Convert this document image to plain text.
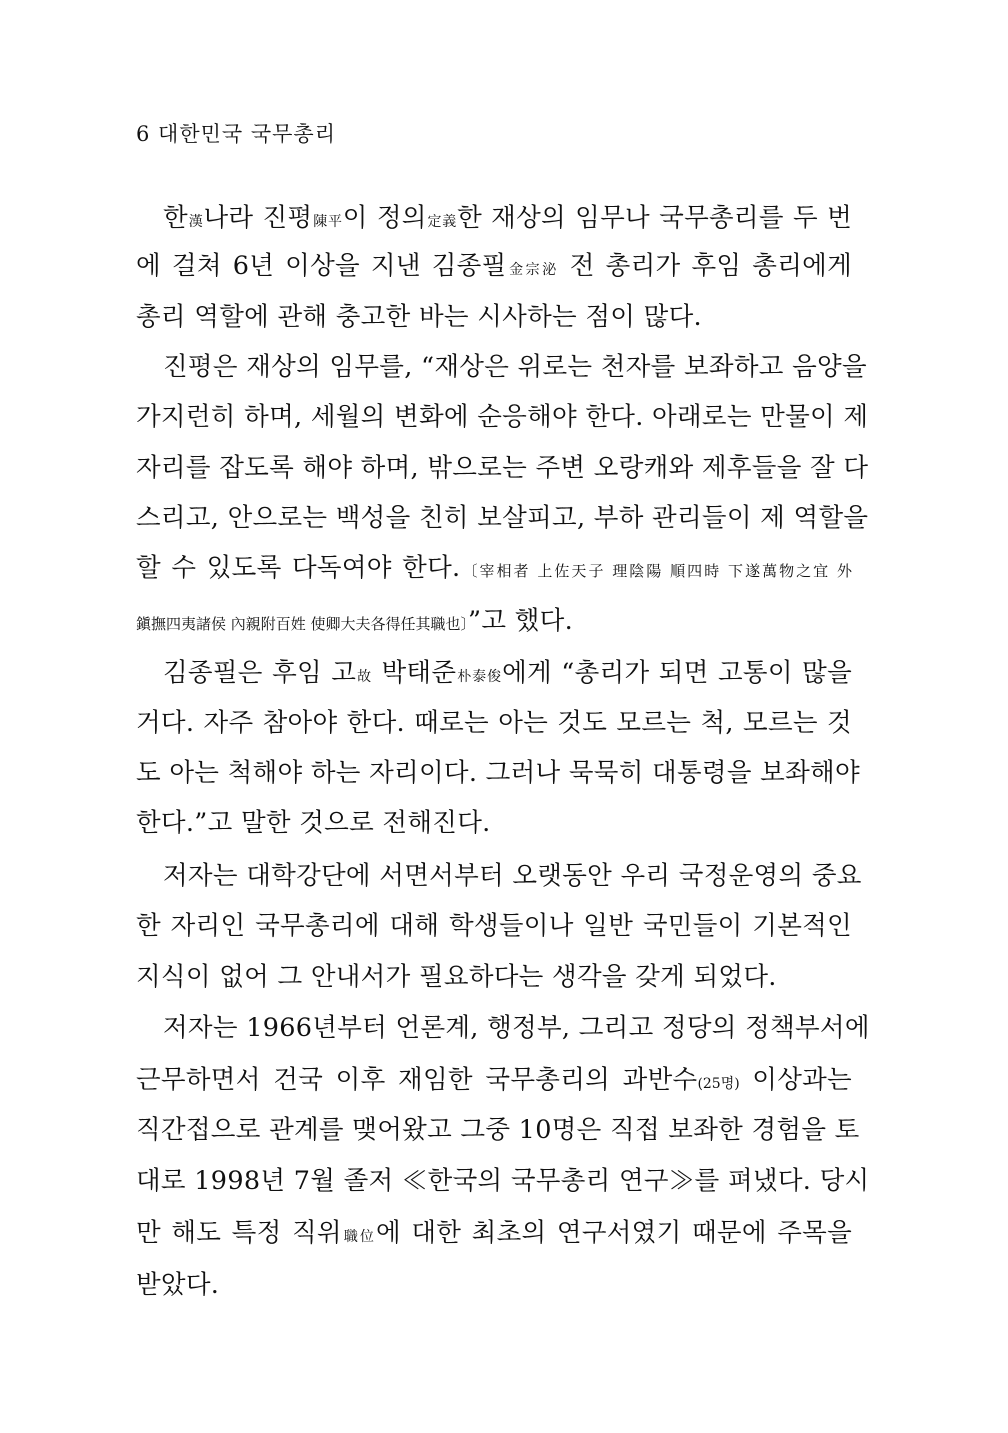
6 대한민국 국무총리
한漢나라 진평陳平이 정의定義한 재상의 임무나 국무총리를 두 번
에 걸쳐 6년 이상을 지낸 김종필金宗泌 전 총리가 후임 총리에게
총리 역할에 관해 충고한 바는 시사하는 점이 많다.
진평은 재상의 임무를, “재상은 위로는 천자를 보좌하고 음양을
가지런히 하며, 세월의 변화에 순응해야 한다. 아래로는 만물이 제
자리를 잡도록 해야 하며, 밖으로는 주변 오랑캐와 제후들을 잘 다
스리고, 안으로는 백성을 친히 보살피고, 부하 관리들이 제 역할을
할 수 있도록 다독여야 한다.〔宰相者 上佐天子 理陰陽 順四時 下遂萬物之宜 外
鎭撫四夷諸侯 內親附百姓 使卿大夫各得任其職也〕”고 했다.
김종필은 후임 고故 박태준朴泰俊에게 “총리가 되면 고통이 많을
거다. 자주 참아야 한다. 때로는 아는 것도 모르는 척, 모르는 것
도 아는 척해야 하는 자리이다. 그러나 묵묵히 대통령을 보좌해야
한다.”고 말한 것으로 전해진다.
저자는 대학강단에 서면서부터 오랫동안 우리 국정운영의 중요
한 자리인 국무총리에 대해 학생들이나 일반 국민들이 기본적인
지식이 없어 그 안내서가 필요하다는 생각을 갖게 되었다.
저자는 1966년부터 언론계, 행정부, 그리고 정당의 정책부서에
근무하면서 건국 이후 재임한 국무총리의 과반수(25명) 이상과는
직간접으로 관계를 맺어왔고 그중 10명은 직접 보좌한 경험을 토
대로 1998년 7월 졸저 ≪한국의 국무총리 연구≫를 펴냈다. 당시
만 해도 특정 직위職位에 대한 최초의 연구서였기 때문에 주목을
받았다.
